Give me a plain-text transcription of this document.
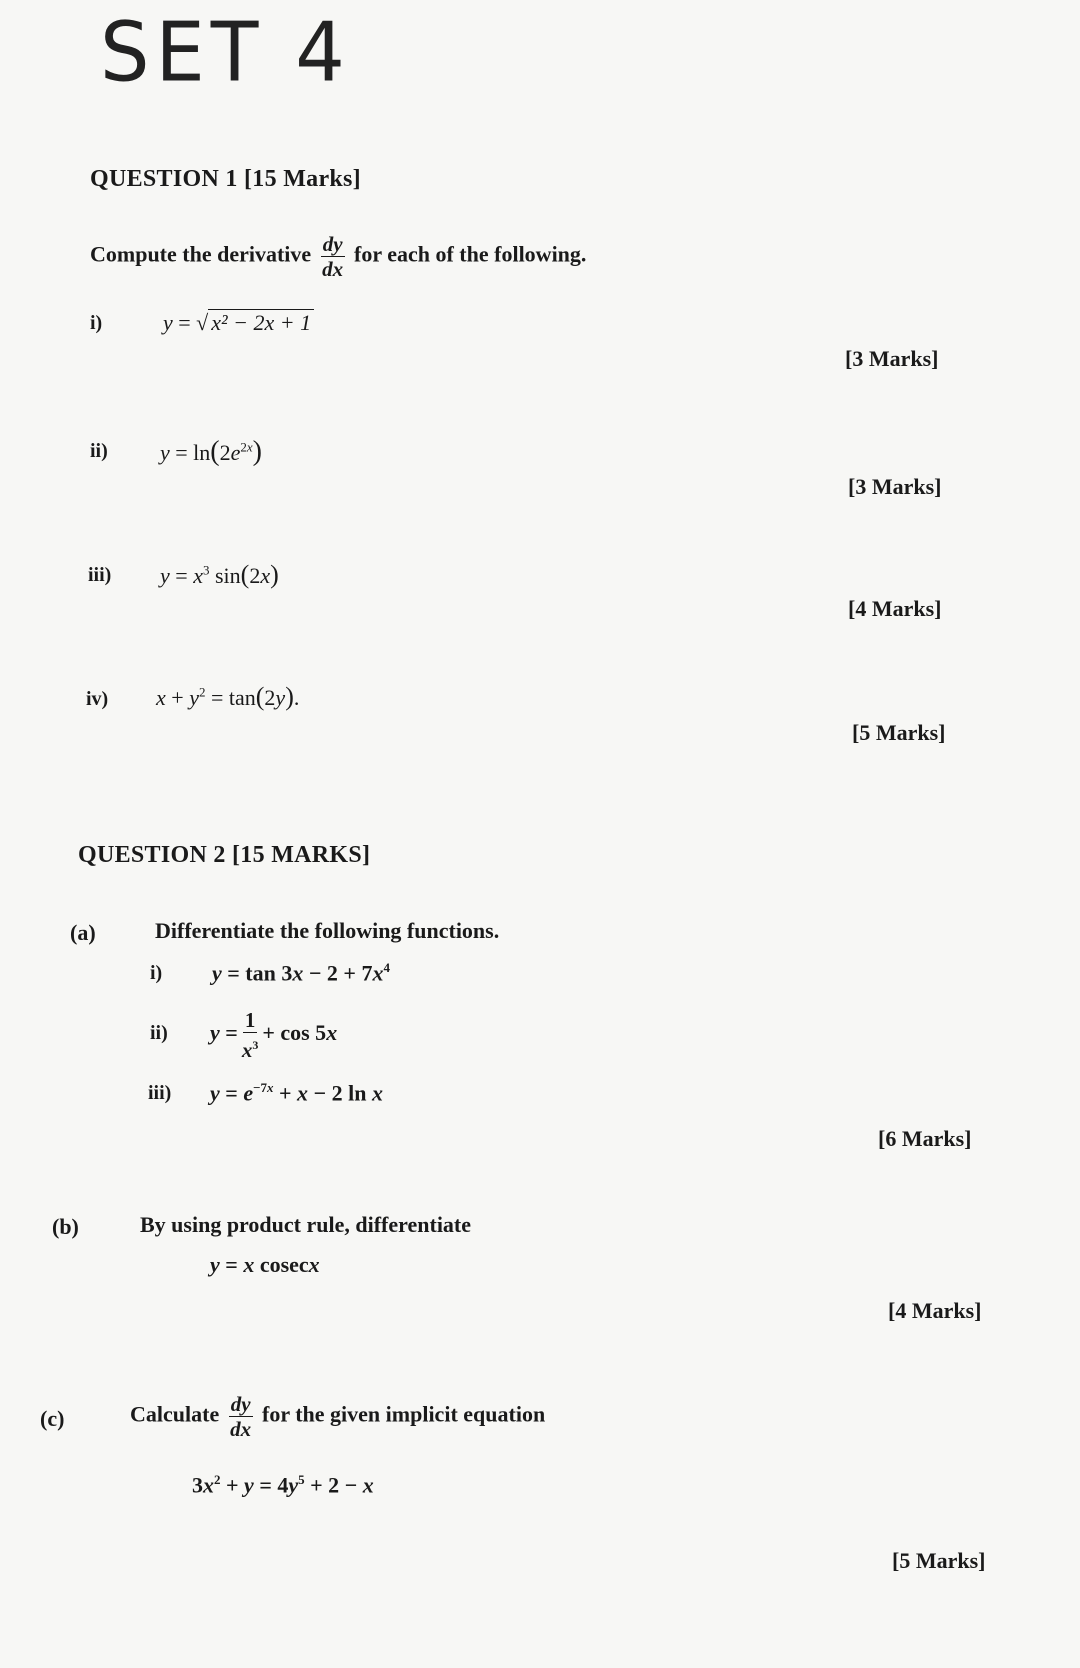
SET 4
QUESTION 1 [15 Marks]
Compute the derivative $\frac{dy}{dx}$ for each of the following.
i)	y = √ x² − 2x + 1
[3 Marks]
ii) $y = \ln(2e^{2x})$
[3 Marks]
iii) $y = x^3$ sin(2x)
[4 Marks]
iv) $x + y^2 = \tan(2y)$.
[5 Marks]
QUESTION 2 [15 MARKS]
(a)	Differentiate the following functions.
i) $y = \tan 3x - 2 + 7x^4$
ii) $y = \frac{1}{x^3} + \cos 5x$
iii) $y = e^{-7x} + x - 2$ ln x
[6 Marks]
(b)	By using product rule, differentiate
y = x cosecx
[4 Marks]
(c)	Calculate $\frac{dy}{dx}$ for the given implicit equation
$3x^2 + y = 4y^5 + 2 - x$
[5 Marks]
